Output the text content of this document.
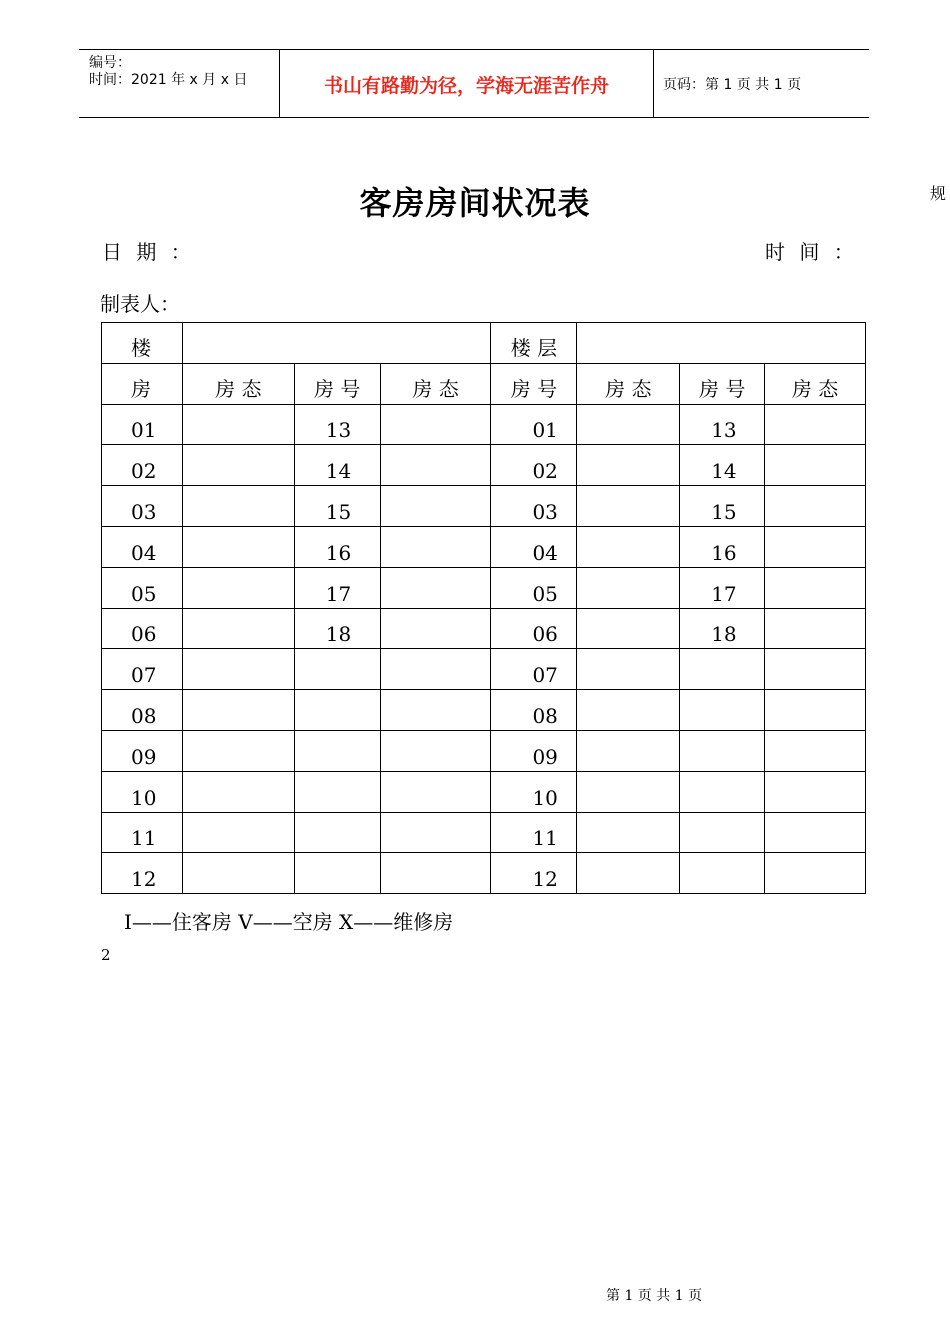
编号：
时间：2021 年 x 月 x 日	书山有路勤为径，学海无涯苦作舟	页码：第 1 页 共 1 页
客房房间状况表	规
日 期 ：	时 间 ：
制表人：
楼				楼 层			
房	房 态	房 号	房 态	房 号	房 态	房 号	房 态
01		13		01		13	
02		14		02		14	
03		15		03		15	
04		16		04		16	
05		17		05		17	
06		18		06		18	
07				07			
08				08			
09				09			
10				10			
11				11			
12				12			
I——住客房 V——空房 X——维修房
2
第 1 页 共 1 页
